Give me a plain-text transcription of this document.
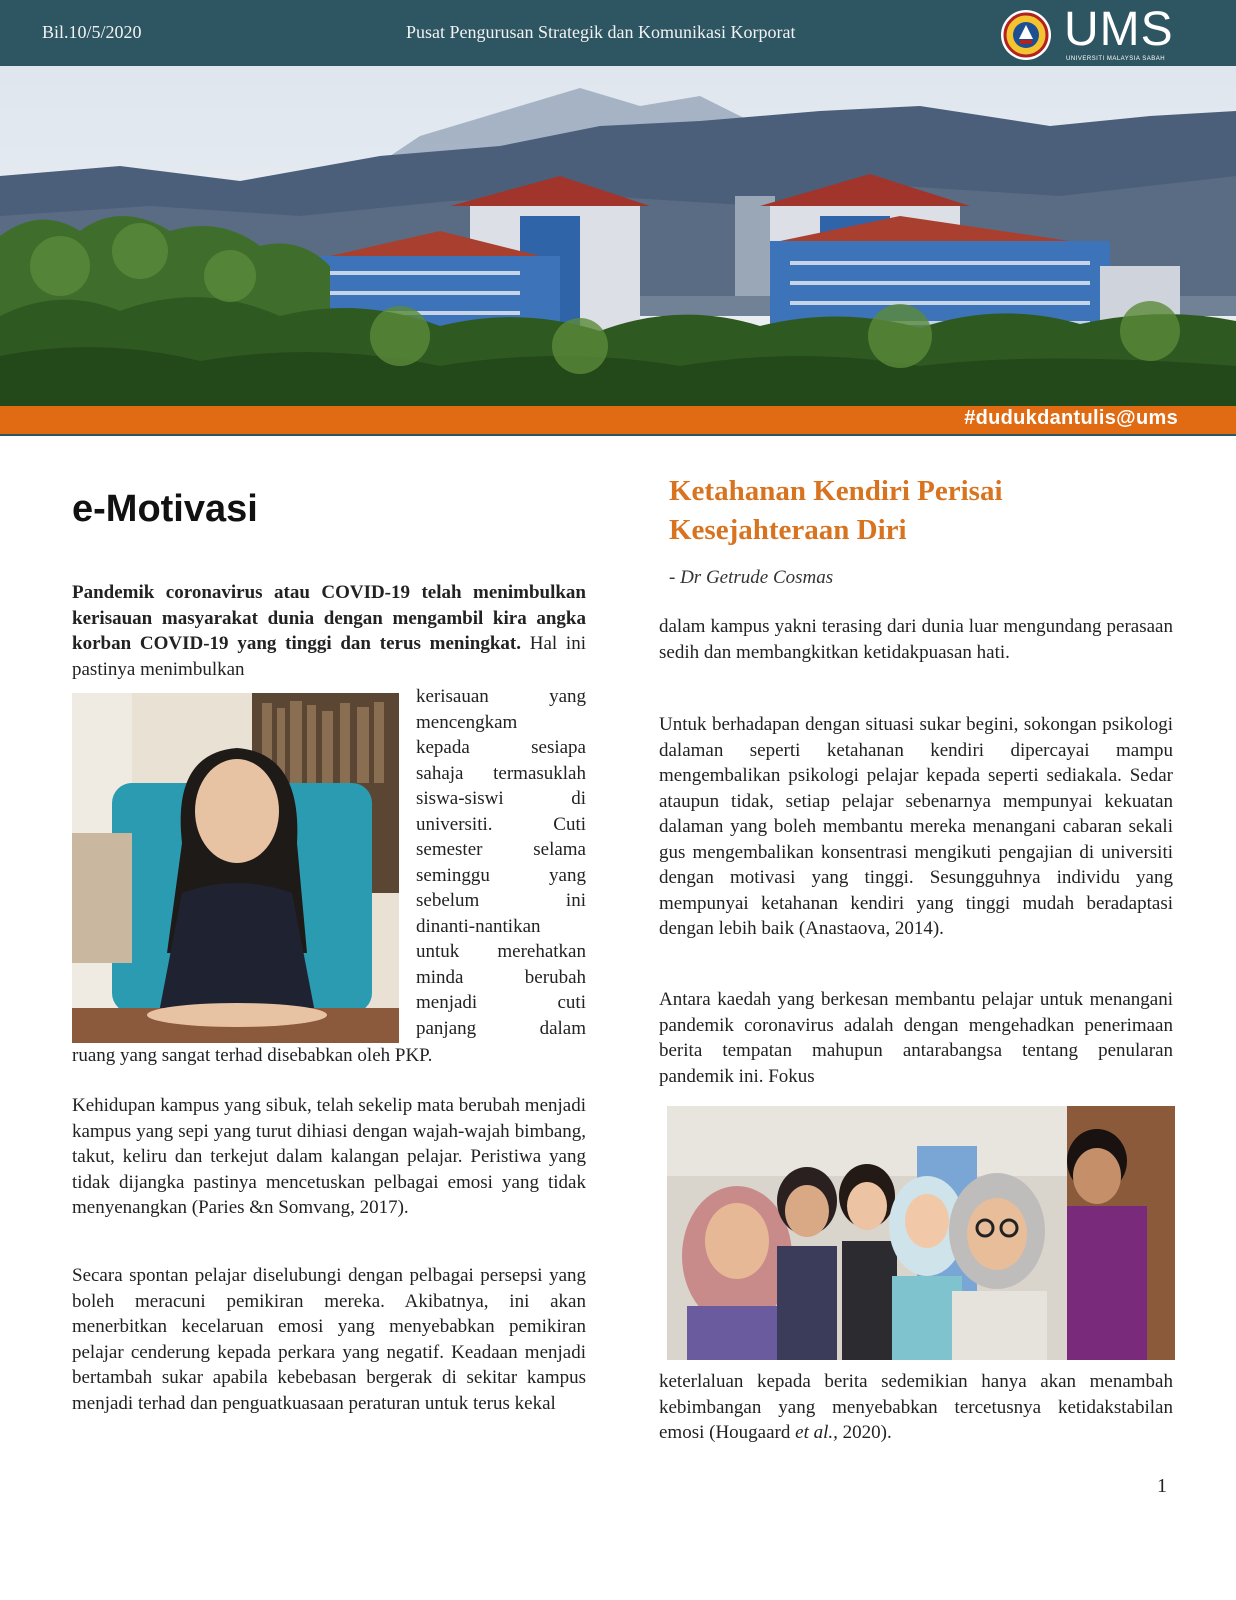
Bil.10/5/2020	Pusat Pengurusan Strategik dan Komunikasi Korporat	UMS
UNIVERSITI MALAYSIA SABAH
#dudukdantulis@ums
e-Motivasi
Pandemik coronavirus atau COVID-19 telah menimbulkan kerisauan masyarakat dunia dengan mengambil kira angka korban COVID-19 yang tinggi dan terus meningkat. Hal ini pastinya menimbulkan
kerisauan yang
mencengkam
kepada sesiapa
sahaja termasuklah
siswa-siswi di
universiti. Cuti
semester selama
seminggu yang
sebelum ini
dinanti-nantikan
untuk merehatkan
minda berubah
menjadi cuti
panjang dalam
ruang yang sangat terhad disebabkan oleh PKP.

Kehidupan kampus yang sibuk, telah sekelip mata berubah menjadi kampus yang sepi yang turut dihiasi dengan wajah-wajah bimbang, takut, keliru dan terkejut dalam kalangan pelajar. Peristiwa yang tidak dijangka pastinya mencetuskan pelbagai emosi yang tidak menyenangkan (Paries &n Somvang, 2017).

Secara spontan pelajar diselubungi dengan pelbagai persepsi yang boleh meracuni pemikiran mereka. Akibatnya, ini akan menerbitkan kecelaruan emosi yang menyebabkan pemikiran pelajar cenderung kepada perkara yang negatif. Keadaan menjadi bertambah sukar apabila kebebasan bergerak di sekitar kampus menjadi terhad dan penguatkuasaan peraturan untuk terus kekal

Ketahanan Kendiri Perisai Kesejahteraan Diri
- Dr Getrude Cosmas

dalam kampus yakni terasing dari dunia luar mengundang perasaan sedih dan membangkitkan ketidakpuasan hati.

Untuk berhadapan dengan situasi sukar begini, sokongan psikologi dalaman seperti ketahanan kendiri dipercayai mampu mengembalikan psikologi pelajar kepada seperti sediakala. Sedar ataupun tidak, setiap pelajar sebenarnya mempunyai kekuatan dalaman yang boleh membantu mereka menangani cabaran sekali gus mengembalikan konsentrasi mengikuti pengajian di universiti dengan motivasi yang tinggi. Sesungguhnya individu yang mempunyai ketahanan kendiri yang tinggi mudah beradaptasi dengan lebih baik (Anastaova, 2014).

Antara kaedah yang berkesan membantu pelajar untuk menangani pandemik coronavirus adalah dengan mengehadkan penerimaan berita tempatan mahupun antarabangsa tentang penularan pandemik ini. Fokus

keterlaluan kepada berita sedemikian hanya akan menambah kebimbangan yang menyebabkan tercetusnya ketidakstabilan emosi (Hougaard et al., 2020).

1
